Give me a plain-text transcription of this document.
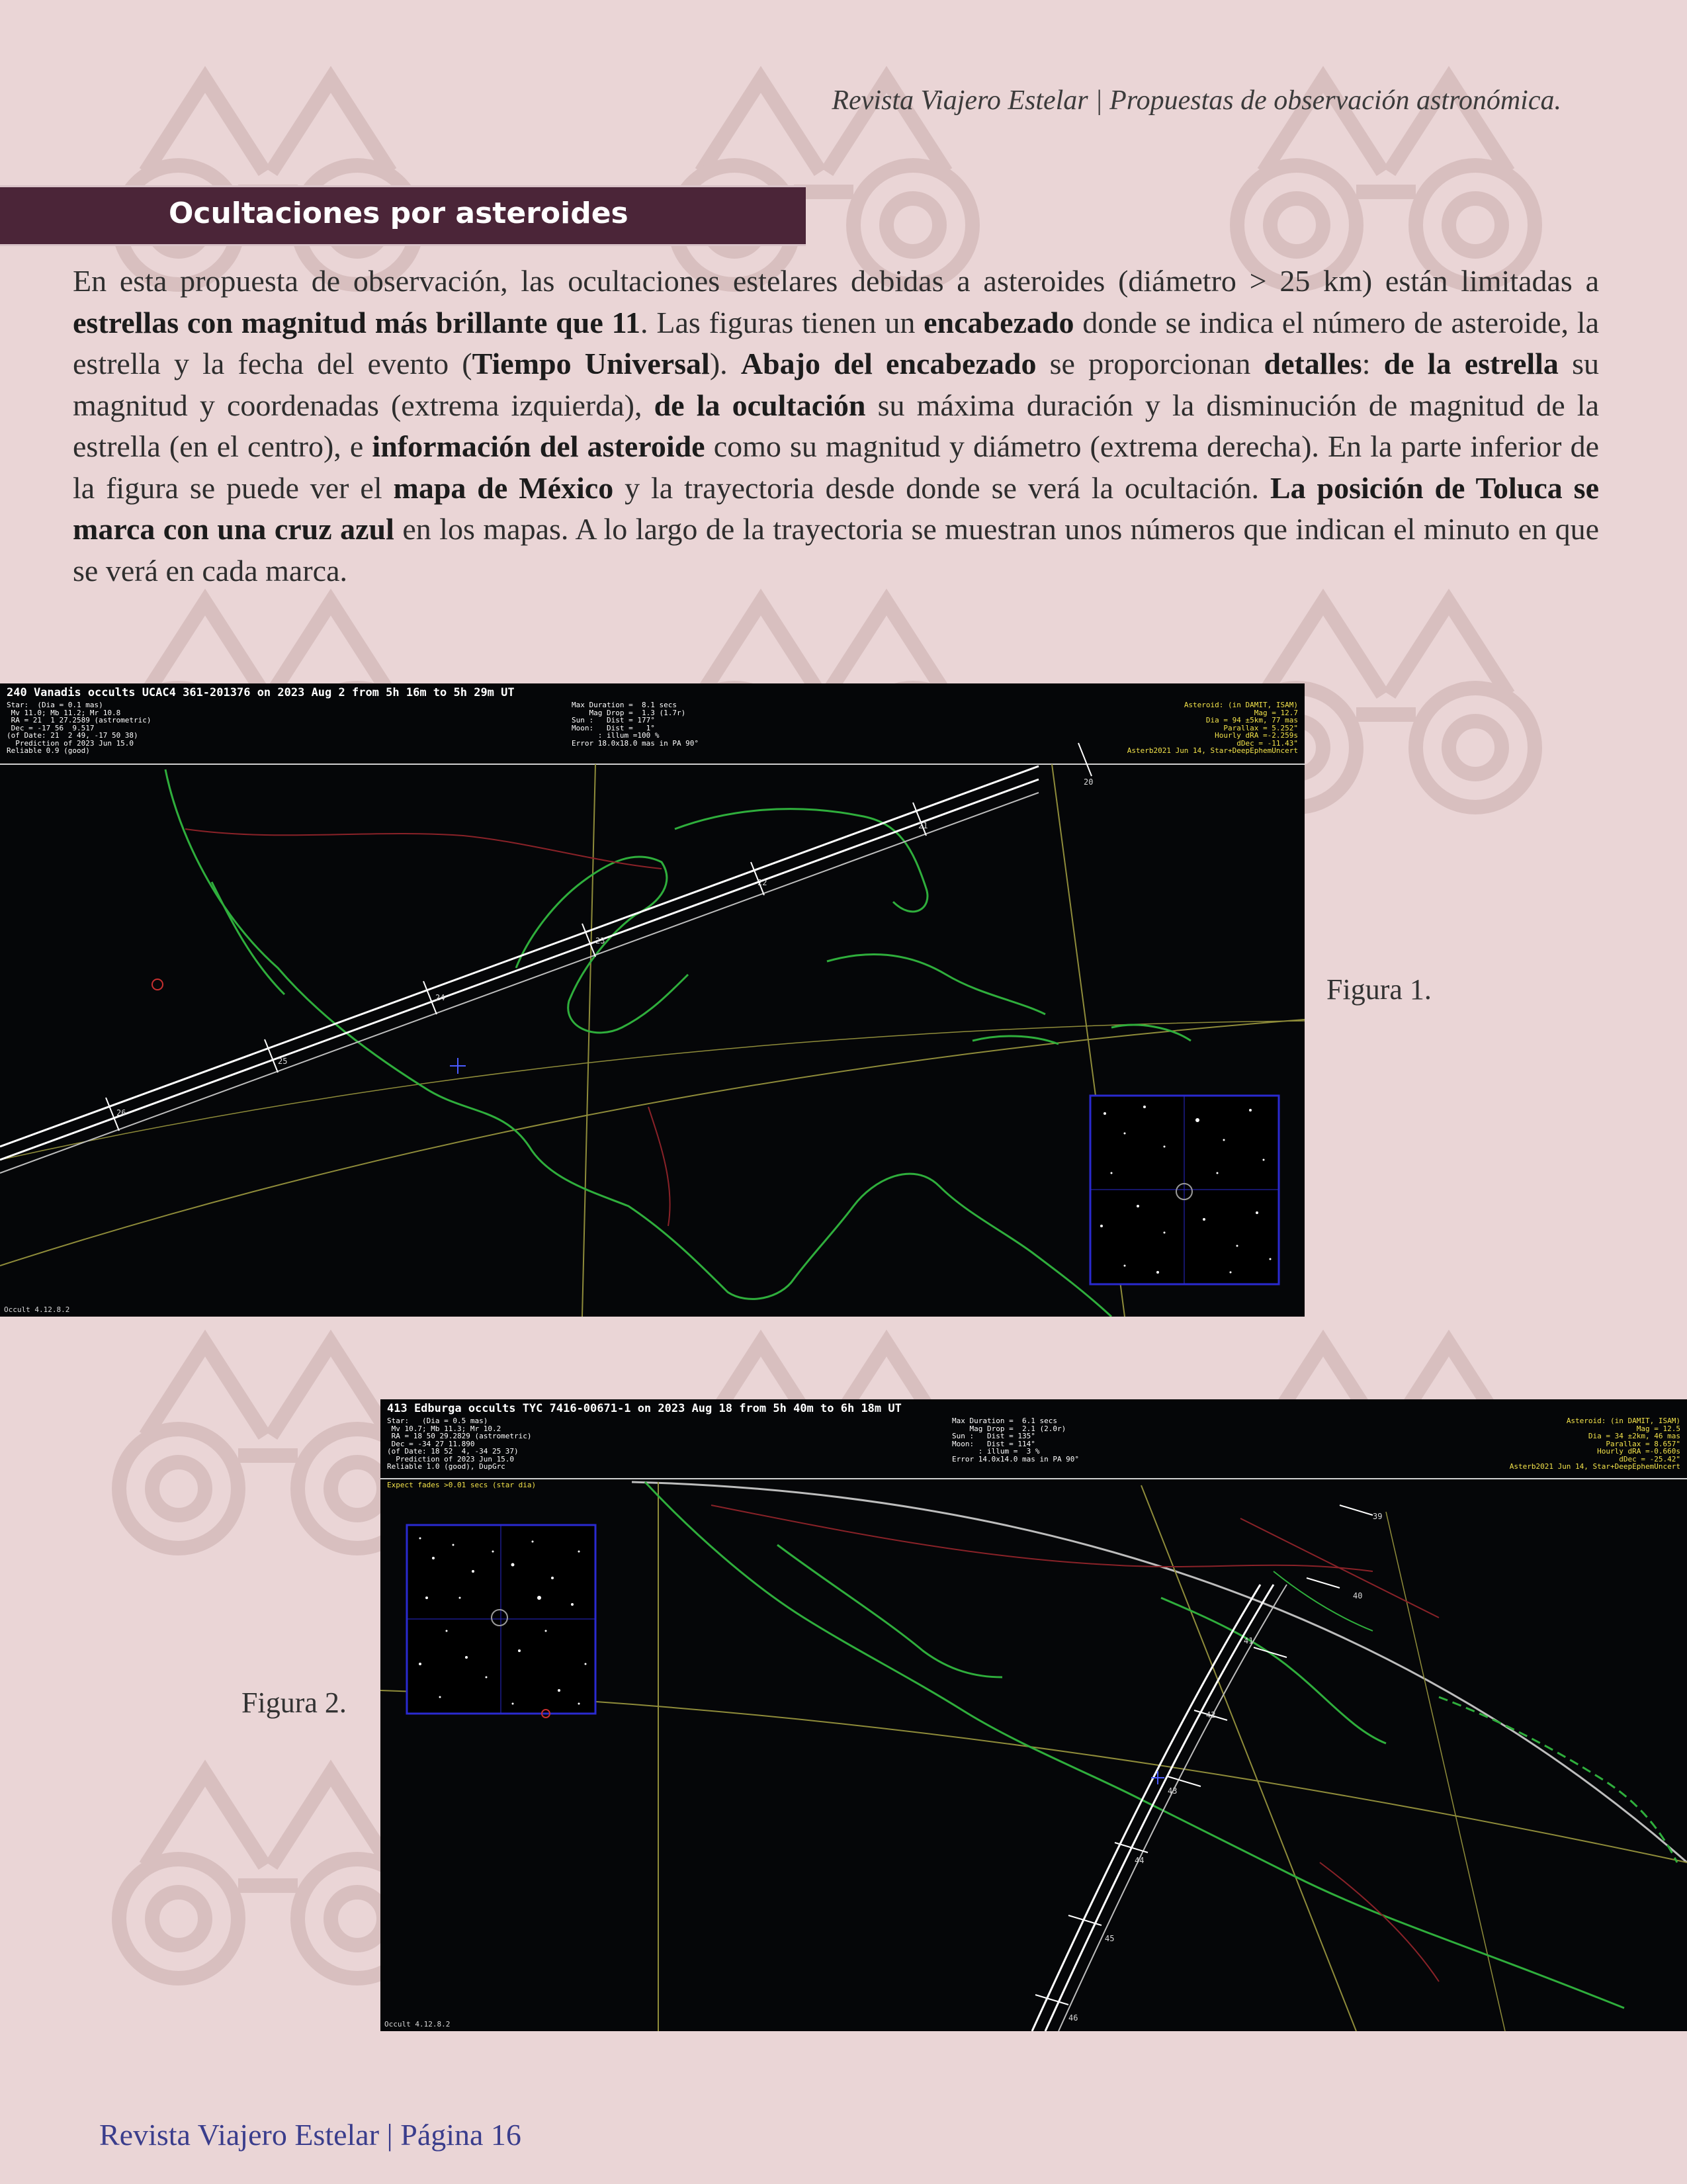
Revista Viajero Estelar | Propuestas de observación astronómica.
Ocultaciones por asteroides

En esta propuesta de observación, las ocultaciones estelares debidas a asteroides (diámetro > 25 km) están limitadas a estrellas con magnitud más brillante que 11. Las figuras tienen un encabezado donde se indica el número de asteroide, la estrella y la fecha del evento (Tiempo Universal). Abajo del encabezado se proporcionan detalles: de la estrella su magnitud y coordenadas (extrema izquierda), de la ocultación su máxima duración y la disminución de magnitud de la estrella (en el centro), e información del asteroide como su magnitud y diámetro (extrema derecha). En la parte inferior de la figura se puede ver el mapa de México y la trayectoria desde donde se verá la ocultación. La posición de Toluca se marca con una cruz azul en los mapas. A lo largo de la trayectoria se muestran unos números que indican el minuto en que se verá en cada marca.

240 Vanadis occults UCAC4 361-201376 on 2023 Aug 2 from 5h 16m to 5h 29m UT
Star:  (Dia = 0.1 mas)
Mv 11.0; Mb 11.2; Mr 10.8
RA = 21  1 27.2589 (astrometric)
Dec = -17 56  9.517
(of Date: 21  2 49, -17 50 38)
Prediction of 2023 Jun 15.0
Reliable 0.9 (good)
Max Duration =  8.1 secs
Mag Drop =  1.3 (1.7r)
Sun :   Dist = 177°
Moon:   Dist =   1°
: illum =100 %
Error 18.0x18.0 mas in PA 90°
Asteroid: (in DAMIT, ISAM)
Mag = 12.7
Dia = 94 ±5km, 77 mas
Parallax = 5.252"
Hourly dRA =-2.259s
dDec = -11.43"
Asterb2021 Jun 14, Star+DeepEphemUncert
Occult 4.12.8.2
21
22
23
24
25
26
20
Figura 1.
413 Edburga occults TYC 7416-00671-1 on 2023 Aug 18 from 5h 40m to 6h 18m UT
Star:   (Dia = 0.5 mas)
Mv 10.7; Mb 11.3; Mr 10.2
RA = 18 50 29.2829 (astrometric)
Dec = -34 27 11.890
(of Date: 18 52  4, -34 25 37)
Prediction of 2023 Jun 15.0
Reliable 1.0 (good), DupGrc
Expect fades >0.01 secs (star dia)
Max Duration =  6.1 secs
Mag Drop =  2.1 (2.0r)
Sun :   Dist = 135°
Moon:   Dist = 114°
: illum =  3 %
Error 14.0x14.0 mas in PA 90°
Asteroid: (in DAMIT, ISAM)
Mag = 12.5
Dia = 34 ±2km, 46 mas
Parallax = 8.657"
Hourly dRA =-0.660s
dDec = -25.42"
Asterb2021 Jun 14, Star+DeepEphemUncert
Occult 4.12.8.2
39
40
41
42
43
44
45
46
Figura 2.
Revista Viajero Estelar | Página 16
